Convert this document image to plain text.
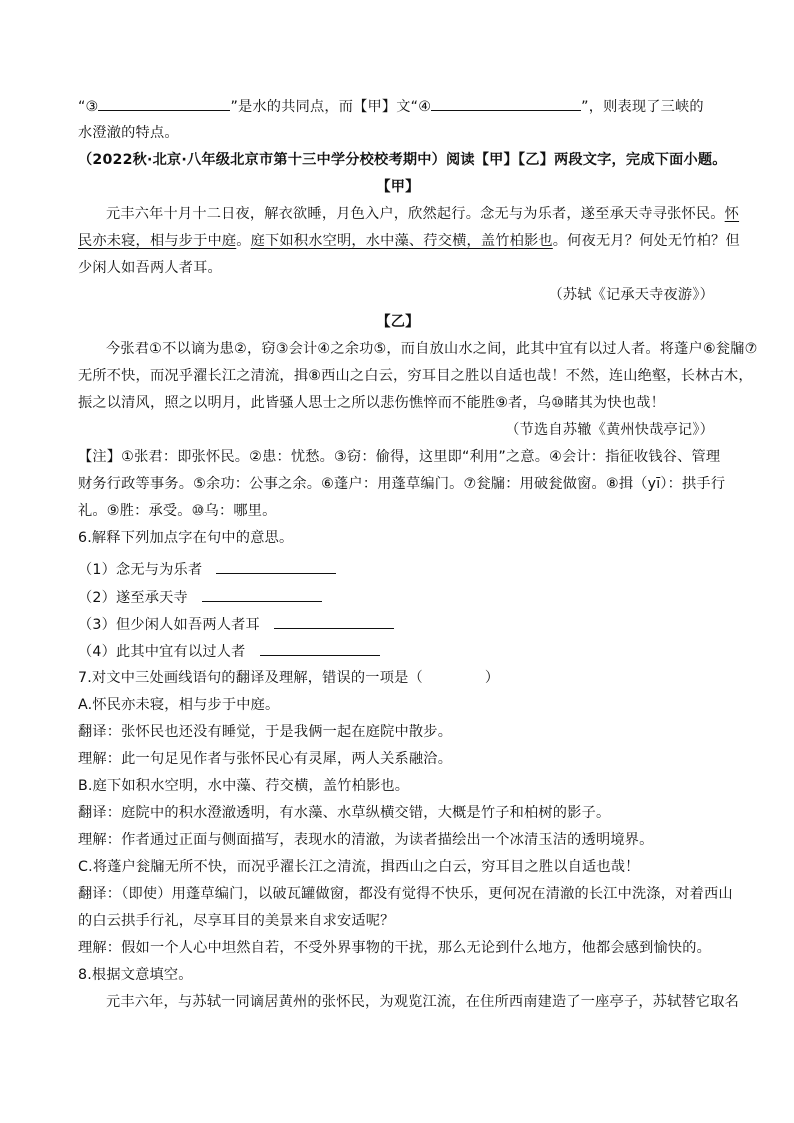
“③	”是水的共同点，而【甲】文“④	”，则表现了三峡的
水澄澈的特点。
（2022秋·北京·八年级北京市第十三中学分校校考期中）阅读【甲】【乙】两段文字，完成下面小题。
【甲】
元丰六年十月十二日夜，解衣欲睡，月色入户，欣然起行。念无与为乐者，遂至承天寺寻张怀民。怀
民亦未寝，相与步于中庭。庭下如积水空明，水中藻、荇交横，盖竹柏影也。何夜无月？何处无竹柏？但
少闲人如吾两人者耳。
（苏轼《记承天寺夜游》）
【乙】
今张君①不以谪为患②，窃③会计④之余功⑤，而自放山水之间，此其中宜有以过人者。将蓬户⑥瓮牖⑦
无所不快，而况乎濯长江之清流，揖⑧西山之白云，穷耳目之胜以自适也哉！不然，连山绝壑，长林古木，
振之以清风，照之以明月，此皆骚人思士之所以悲伤憔悴而不能胜⑨者，乌⑩睹其为快也哉！
（节选自苏辙《黄州快哉亭记》）
【注】①张君：即张怀民。②患：忧愁。③窃：偷得，这里即“利用”之意。④会计：指征收钱谷、管理
财务行政等事务。⑤余功：公事之余。⑥蓬户：用蓬草编门。⑦瓮牖：用破瓮做窗。⑧揖（yī）：拱手行
礼。⑨胜：承受。⑩乌：哪里。
6.解释下列加点字在句中的意思。
（1）念无与为乐者
（2）遂至承天寺
（3）但少闲人如吾两人者耳
（4）此其中宜有以过人者
7.对文中三处画线语句的翻译及理解，错误的一项是（	）
A.怀民亦未寝，相与步于中庭。
翻译：张怀民也还没有睡觉，于是我俩一起在庭院中散步。
理解：此一句足见作者与张怀民心有灵犀，两人关系融洽。
B.庭下如积水空明，水中藻、荇交横，盖竹柏影也。
翻译：庭院中的积水澄澈透明，有水藻、水草纵横交错，大概是竹子和柏树的影子。
理解：作者通过正面与侧面描写，表现水的清澈，为读者描绘出一个冰清玉洁的透明境界。
C.将蓬户瓮牖无所不快，而况乎濯长江之清流，揖西山之白云，穷耳目之胜以自适也哉！
翻译：（即使）用蓬草编门，以破瓦罐做窗，都没有觉得不快乐，更何况在清澈的长江中洗涤，对着西山
的白云拱手行礼，尽享耳目的美景来自求安适呢？
理解：假如一个人心中坦然自若，不受外界事物的干扰，那么无论到什么地方，他都会感到愉快的。
8.根据文意填空。
元丰六年，与苏轼一同谪居黄州的张怀民，为观览江流，在住所西南建造了一座亭子，苏轼替它取名
